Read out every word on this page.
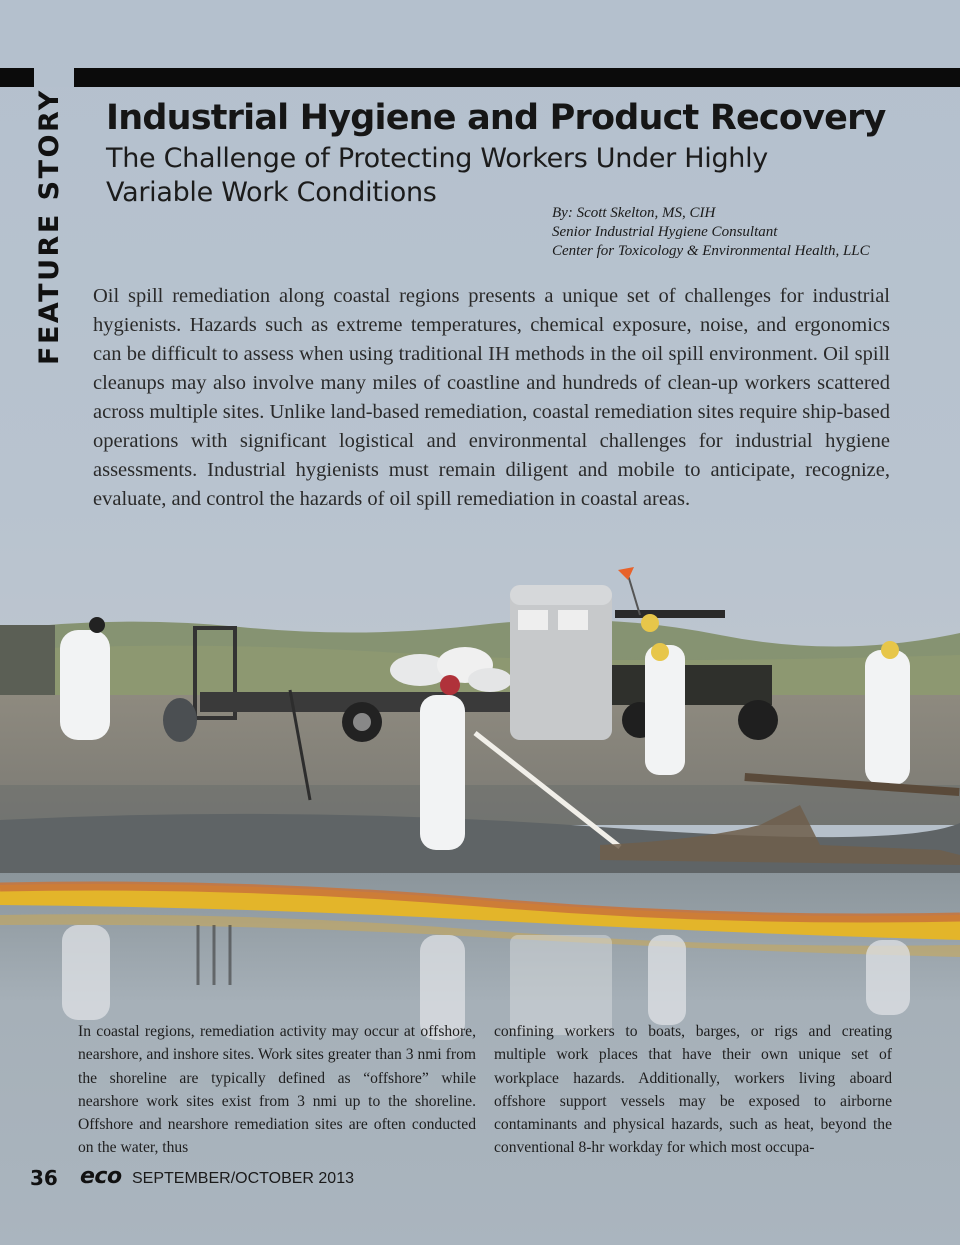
FEATURE STORY Industrial Hygiene and Product Recovery
The Challenge of Protecting Workers Under Highly Variable Work Conditions
By: Scott Skelton, MS, CIH
Senior Industrial Hygiene Consultant
Center for Toxicology & Environmental Health, LLC

Oil spill remediation along coastal regions presents a unique set of challenges for industrial hygienists. Hazards such as extreme temperatures, chemical exposure, noise, and ergonomics can be difficult to assess when using traditional IH methods in the oil spill environment. Oil spill cleanups may also involve many miles of coastline and hundreds of clean-up workers scattered across multiple sites. Unlike land-based remediation, coastal remediation sites require ship-based operations with significant logistical and environmental challenges for industrial hygiene assessments. Industrial hygienists must remain diligent and mobile to anticipate, recognize, evaluate, and control the hazards of oil spill remediation in coastal areas.

In coastal regions, remediation activity may occur at offshore, nearshore, and inshore sites. Work sites greater than 3 nmi from the shoreline are typically defined as “offshore” while nearshore work sites exist from 3 nmi up to the shoreline. Offshore and nearshore remediation sites are often conducted on the water, thus

confining workers to boats, barges, or rigs and creating multiple work places that have their own unique set of workplace hazards. Additionally, workers living aboard offshore support vessels may be exposed to airborne contaminants and physical hazards, such as heat, beyond the conventional 8-hr workday for which most occupa-

36 eco SEPTEMBER/OCTOBER 2013
